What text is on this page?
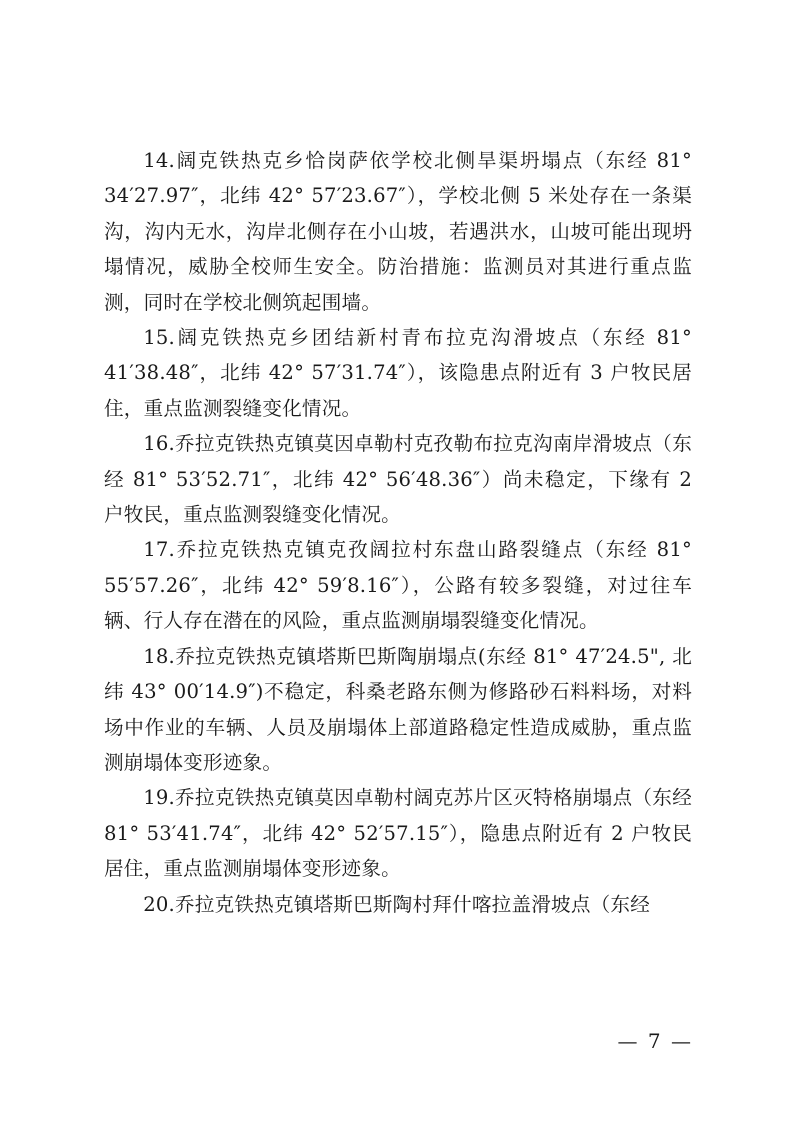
14.阔克铁热克乡恰岗萨依学校北侧旱渠坍塌点（东经 81° 34′27.97″，北纬 42° 57′23.67″），学校北侧 5 米处存在一条渠沟，沟内无水，沟岸北侧存在小山坡，若遇洪水，山坡可能出现坍塌情况，威胁全校师生安全。防治措施：监测员对其进行重点监测，同时在学校北侧筑起围墙。

15.阔克铁热克乡团结新村青布拉克沟滑坡点（东经 81° 41′38.48″，北纬 42° 57′31.74″），该隐患点附近有 3 户牧民居住，重点监测裂缝变化情况。

16.乔拉克铁热克镇莫因卓勒村克孜勒布拉克沟南岸滑坡点（东经 81° 53′52.71″，北纬 42° 56′48.36″）尚未稳定，下缘有 2 户牧民，重点监测裂缝变化情况。

17.乔拉克铁热克镇克孜阔拉村东盘山路裂缝点（东经 81° 55′57.26″，北纬 42° 59′8.16″），公路有较多裂缝，对过往车辆、行人存在潜在的风险，重点监测崩塌裂缝变化情况。

18.乔拉克铁热克镇塔斯巴斯陶崩塌点(东经 81° 47′24.5", 北纬 43° 00′14.9″)不稳定，科桑老路东侧为修路砂石料料场，对料场中作业的车辆、人员及崩塌体上部道路稳定性造成威胁，重点监测崩塌体变形迹象。

19.乔拉克铁热克镇莫因卓勒村阔克苏片区灭特格崩塌点（东经 81° 53′41.74″，北纬 42° 52′57.15″），隐患点附近有 2 户牧民居住，重点监测崩塌体变形迹象。

20.乔拉克铁热克镇塔斯巴斯陶村拜什喀拉盖滑坡点（东经

— 7 —
